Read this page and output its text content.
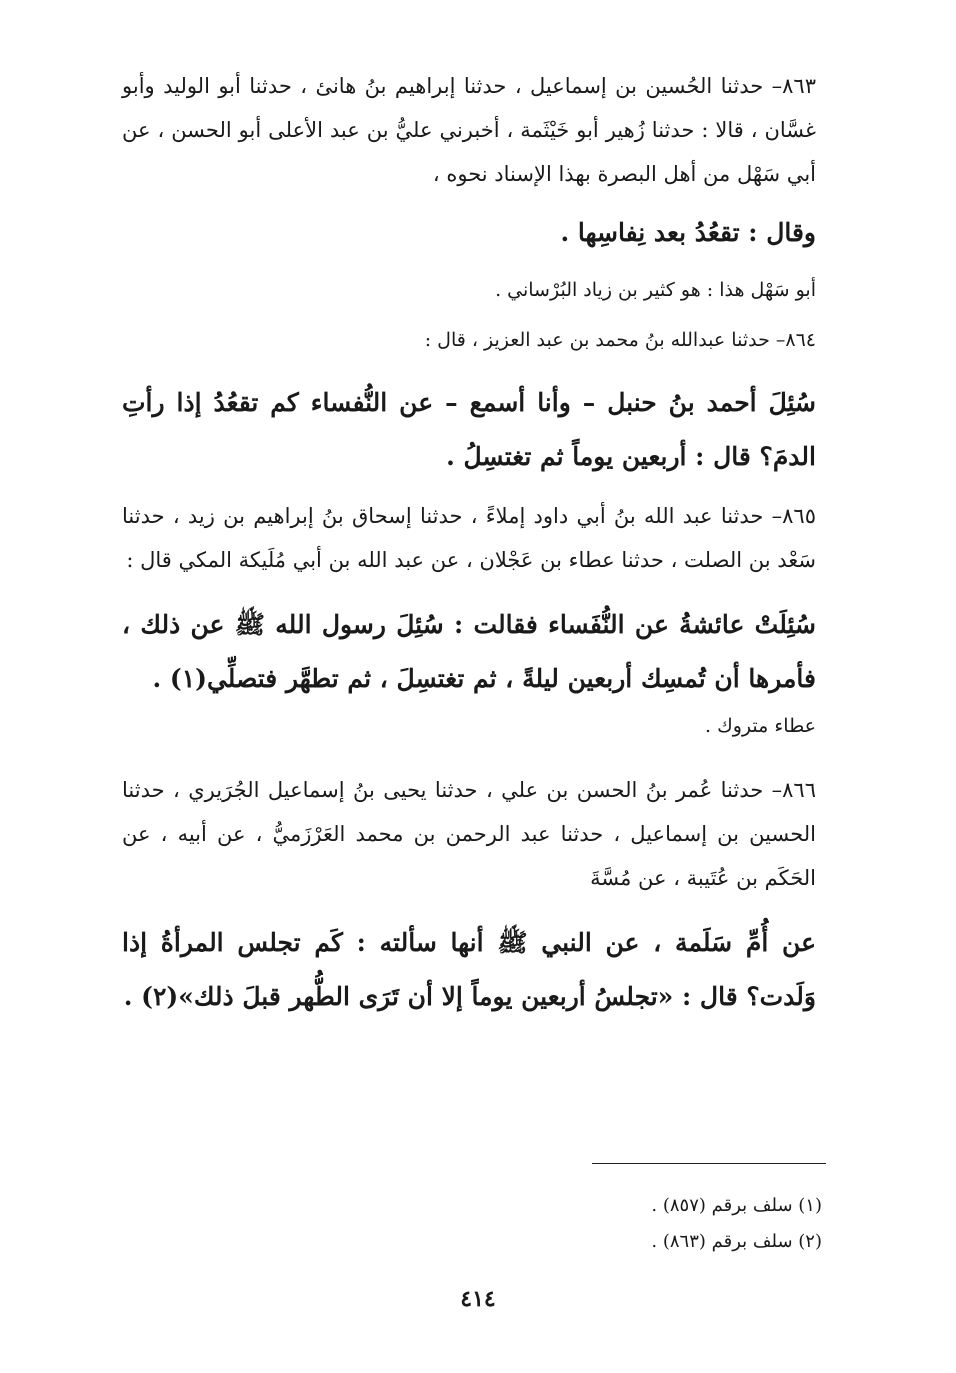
٨٦٣– حدثنا الحُسين بن إسماعيل ، حدثنا إبراهيم بنُ هانئ ، حدثنا أبو الوليد وأبو غسَّان ، قالا : حدثنا زُهير أبو خَيْثَمة ، أخبرني عليُّ بن عبد الأعلى أبو الحسن ، عن أبي سَهْل من أهل البصرة بهذا الإسناد نحوه ،

وقال : تقعُدُ بعد نِفاسِها .

أبو سَهْل هذا : هو كثير بن زياد البُرْساني .

٨٦٤– حدثنا عبدالله بنُ محمد بن عبد العزيز ، قال :

سُئِلَ أحمد بنُ حنبل – وأنا أسمع – عن النُّفساء كم تقعُدُ إذا رأتِ الدمَ؟ قال : أربعين يوماً ثم تغتسِلُ .

٨٦٥– حدثنا عبد الله بنُ أبي داود إملاءً ، حدثنا إسحاق بنُ إبراهيم بن زيد ، حدثنا سَعْد بن الصلت ، حدثنا عطاء بن عَجْلان ، عن عبد الله بن أبي مُلَيكة المكي قال :

سُئِلَتْ عائشةُ عن النُّفَساء فقالت : سُئِلَ رسول الله ﷺ عن ذلك ، فأمرها أن تُمسِك أربعين ليلةً ، ثم تغتسِلَ ، ثم تطهَّر فتصلِّي(١) .

عطاء متروك .

٨٦٦– حدثنا عُمر بنُ الحسن بن علي ، حدثنا يحيى بنُ إسماعيل الجُرَيري ، حدثنا الحسين بن إسماعيل ، حدثنا عبد الرحمن بن محمد العَرْزَميُّ ، عن أبيه ، عن الحَكَم بن عُتَيبة ، عن مُسَّةَ

عن أُمِّ سَلَمة ، عن النبي ﷺ أنها سألته : كَم تجلس المرأةُ إذا وَلَدت؟ قال : «تجلسُ أربعين يوماً إلا أن تَرَى الطُّهر قبلَ ذلك»(٢) .

(١) سلف برقم (٨٥٧) .
(٢) سلف برقم (٨٦٣) .
٤١٤
